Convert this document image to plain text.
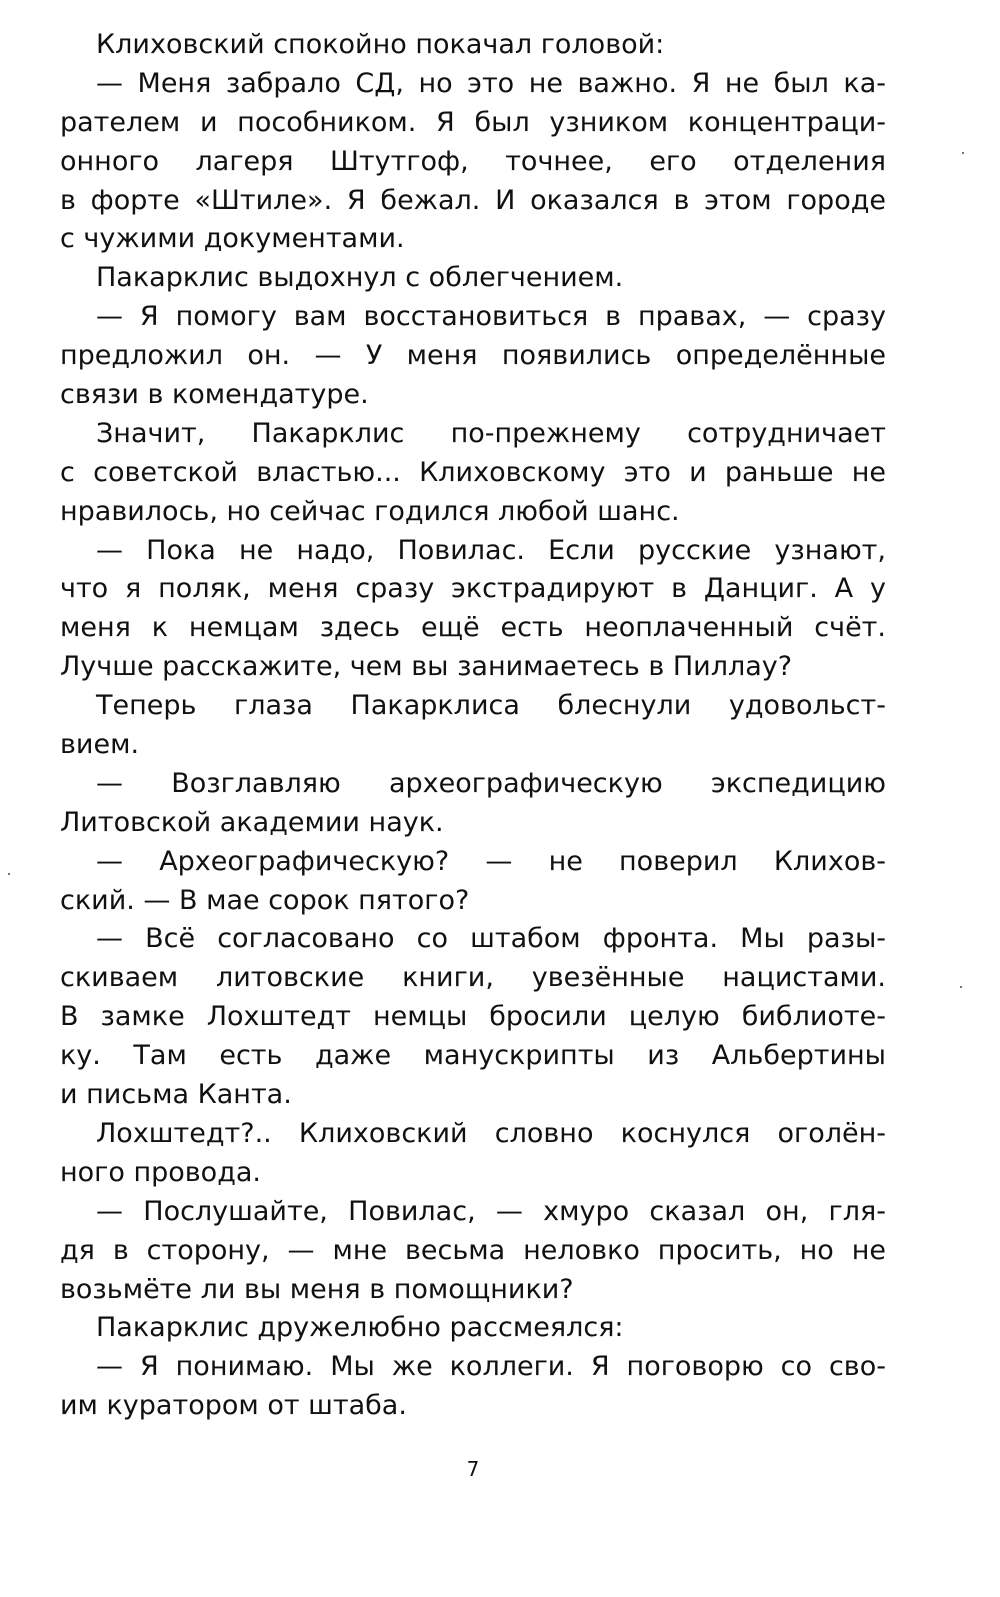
Клиховский спокойно покачал головой:
— Меня забрало СД, но это не важно. Я не был ка-
рателем и пособником. Я был узником концентраци-
онного лагеря Штутгоф, точнее, его отделения
в форте «Штиле». Я бежал. И оказался в этом городе
с чужими документами.
Пакарклис выдохнул с облегчением.
— Я помогу вам восстановиться в правах, — сразу
предложил он. — У меня появились определённые
связи в комендатуре.
Значит, Пакарклис по-прежнему сотрудничает
с советской властью... Клиховскому это и раньше не
нравилось, но сейчас годился любой шанс.
— Пока не надо, Повилас. Если русские узнают,
что я поляк, меня сразу экстрадируют в Данциг. А у
меня к немцам здесь ещё есть неоплаченный счёт.
Лучше расскажите, чем вы занимаетесь в Пиллау?
Теперь глаза Пакарклиса блеснули удовольст-
вием.
— Возглавляю археографическую экспедицию
Литовской академии наук.
— Археографическую? — не поверил Клихов-
ский. — В мае сорок пятого?
— Всё согласовано со штабом фронта. Мы разы-
скиваем литовские книги, увезённые нацистами.
В замке Лохштедт немцы бросили целую библиоте-
ку. Там есть даже манускрипты из Альбертины
и письма Канта.
Лохштедт?.. Клиховский словно коснулся оголён-
ного провода.
— Послушайте, Повилас, — хмуро сказал он, гля-
дя в сторону, — мне весьма неловко просить, но не
возьмёте ли вы меня в помощники?
Пакарклис дружелюбно рассмеялся:
— Я понимаю. Мы же коллеги. Я поговорю со сво-
им куратором от штаба.
7
